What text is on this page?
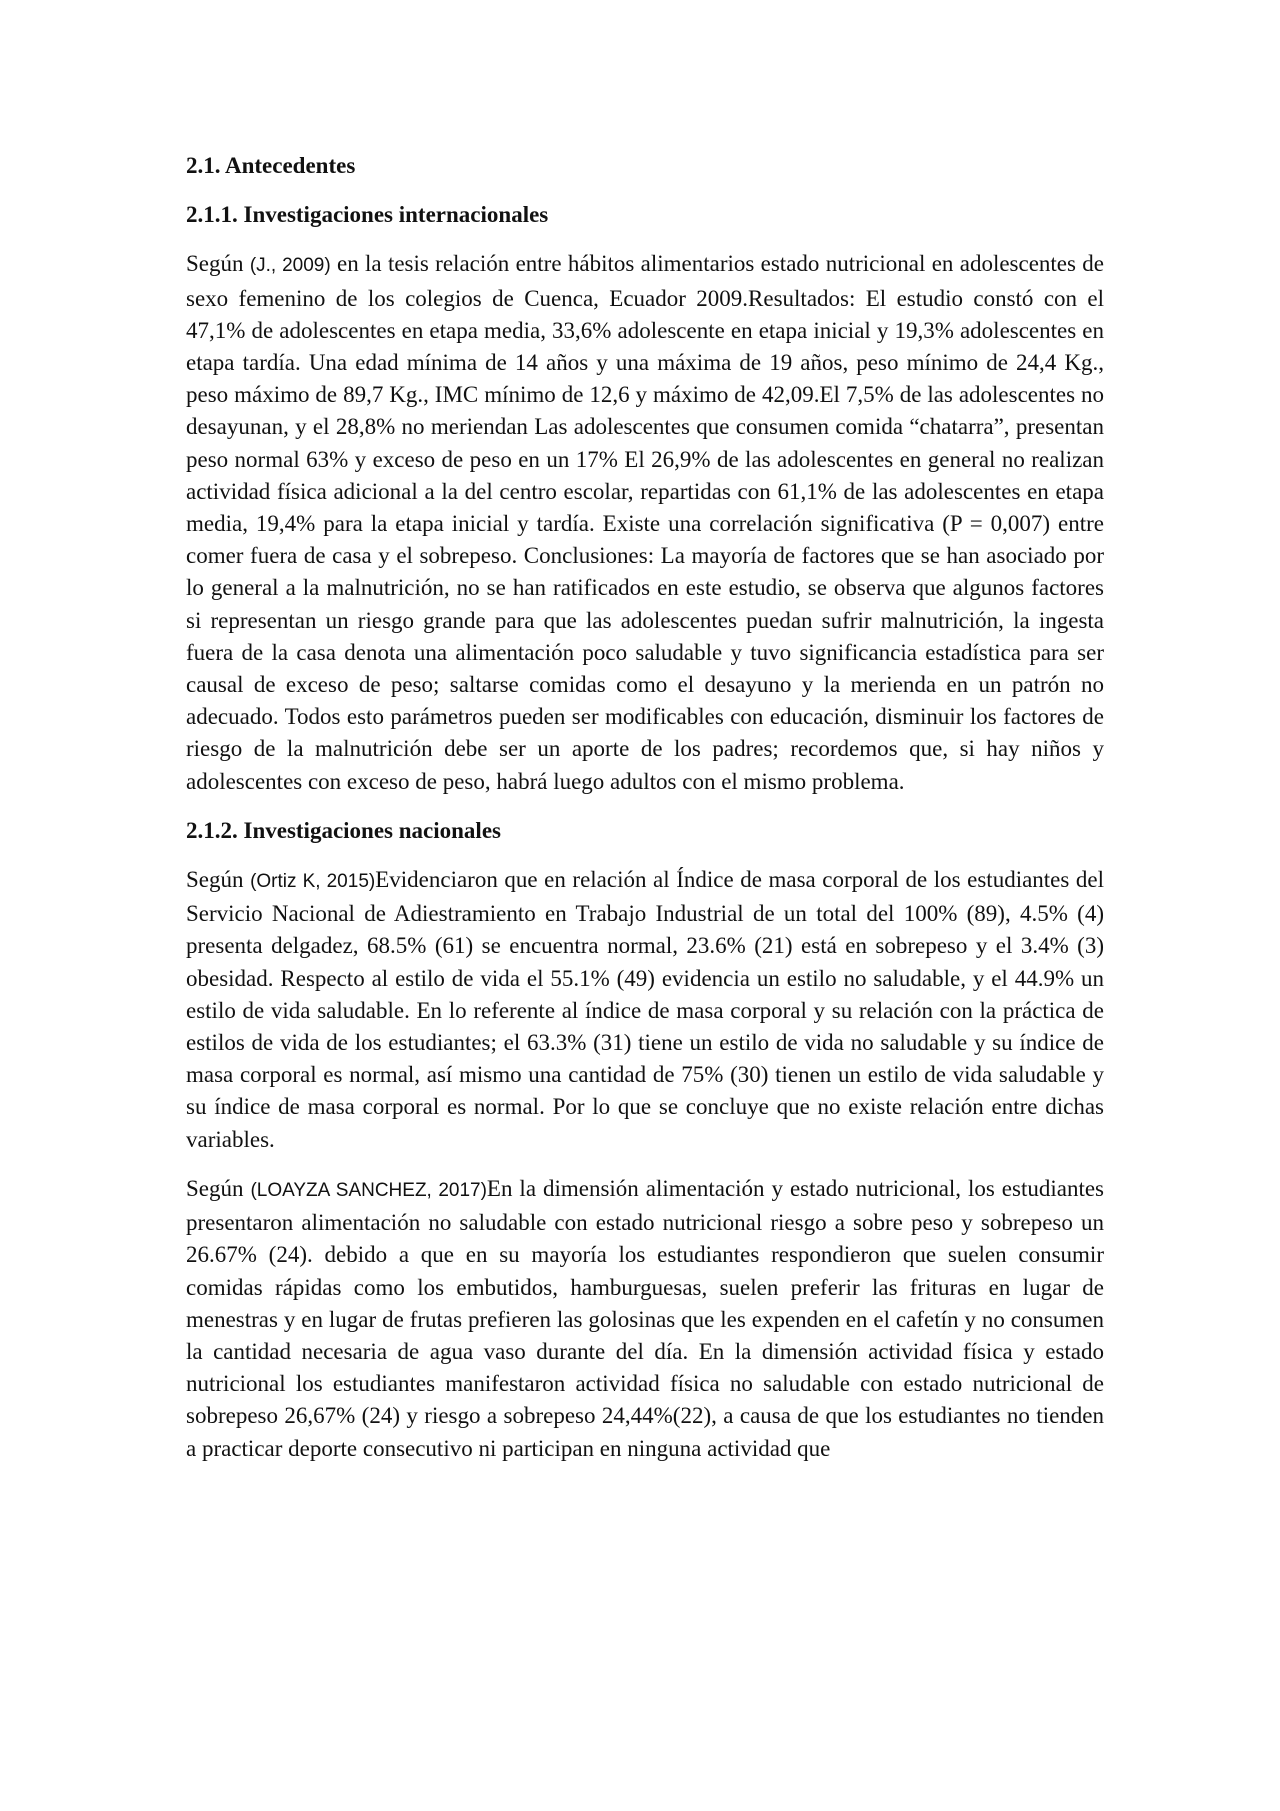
2.1. Antecedentes

2.1.1. Investigaciones internacionales

Según (J., 2009) en la tesis relación entre hábitos alimentarios estado nutricional en adolescentes de sexo femenino de los colegios de Cuenca, Ecuador 2009.Resultados: El estudio constó con el 47,1% de adolescentes en etapa media, 33,6% adolescente en etapa inicial y 19,3% adolescentes en etapa tardía. Una edad mínima de 14 años y una máxima de 19 años, peso mínimo de 24,4 Kg., peso máximo de 89,7 Kg., IMC mínimo de 12,6 y máximo de 42,09.El 7,5% de las adolescentes no desayunan, y el 28,8% no meriendan Las adolescentes que consumen comida “chatarra”, presentan peso normal 63% y exceso de peso en un 17% El 26,9% de las adolescentes en general no realizan actividad física adicional a la del centro escolar, repartidas con 61,1% de las adolescentes en etapa media, 19,4% para la etapa inicial y tardía. Existe una correlación significativa (P = 0,007) entre comer fuera de casa y el sobrepeso. Conclusiones: La mayoría de factores que se han asociado por lo general a la malnutrición, no se han ratificados en este estudio, se observa que algunos factores si representan un riesgo grande para que las adolescentes puedan sufrir malnutrición, la ingesta fuera de la casa denota una alimentación poco saludable y tuvo significancia estadística para ser causal de exceso de peso; saltarse comidas como el desayuno y la merienda en un patrón no adecuado. Todos esto parámetros pueden ser modificables con educación, disminuir los factores de riesgo de la malnutrición debe ser un aporte de los padres; recordemos que, si hay niños y adolescentes con exceso de peso, habrá luego adultos con el mismo problema.

2.1.2. Investigaciones nacionales

Según (Ortiz K, 2015)Evidenciaron que en relación al Índice de masa corporal de los estudiantes del Servicio Nacional de Adiestramiento en Trabajo Industrial de un total del 100% (89), 4.5% (4) presenta delgadez, 68.5% (61) se encuentra normal, 23.6% (21) está en sobrepeso y el 3.4% (3) obesidad. Respecto al estilo de vida el 55.1% (49) evidencia un estilo no saludable, y el 44.9% un estilo de vida saludable. En lo referente al índice de masa corporal y su relación con la práctica de estilos de vida de los estudiantes; el 63.3% (31) tiene un estilo de vida no saludable y su índice de masa corporal es normal, así mismo una cantidad de 75% (30) tienen un estilo de vida saludable y su índice de masa corporal es normal. Por lo que se concluye que no existe relación entre dichas variables.

Según (LOAYZA SANCHEZ, 2017)En la dimensión alimentación y estado nutricional, los estudiantes presentaron alimentación no saludable con estado nutricional riesgo a sobre peso y sobrepeso un 26.67% (24). debido a que en su mayoría los estudiantes respondieron que suelen consumir comidas rápidas como los embutidos, hamburguesas, suelen preferir las frituras en lugar de menestras y en lugar de frutas prefieren las golosinas que les expenden en el cafetín y no consumen la cantidad necesaria de agua vaso durante del día. En la dimensión actividad física y estado nutricional los estudiantes manifestaron actividad física no saludable con estado nutricional de sobrepeso 26,67% (24) y riesgo a sobrepeso 24,44%(22), a causa de que los estudiantes no tienden a practicar deporte consecutivo ni participan en ninguna actividad que
